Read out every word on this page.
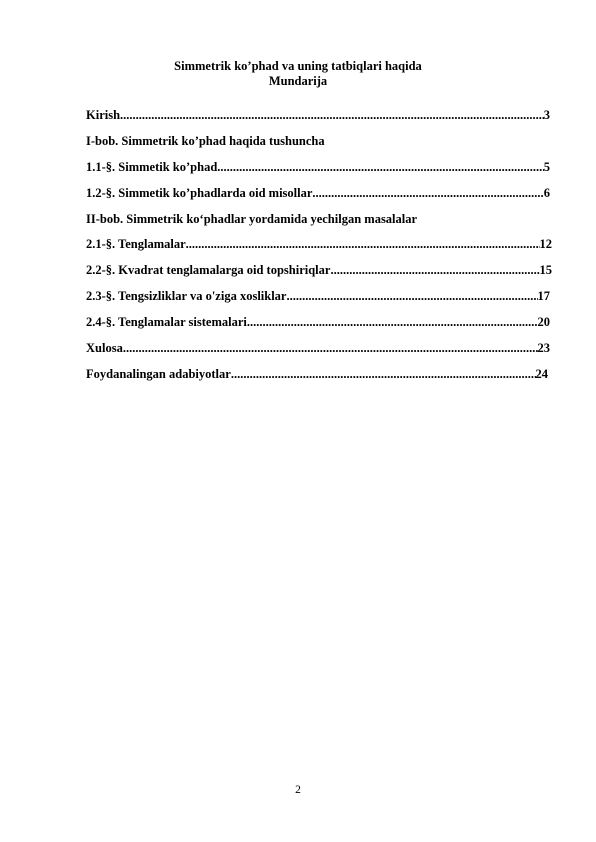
Simmetrik ko’phad va uning tatbiqlari haqida
Mundarija
Kirish .....	3
I-bob. Simmetrik ko’phad haqida tushuncha
1.1-§. Simmetik ko’phad .....	5
1.2-§. Simmetik ko’phadlarda oid misollar .....	6
II-bob. Simmetrik ko‘phadlar yordamida yechilgan masalalar
2.1-§. Tenglamalar .....	12
2.2-§. Kvadrat tenglamalarga oid topshiriqlar .....	15
2.3-§. Tengsizliklar va o'ziga xosliklar .....	17
2.4-§. Tenglamalar sistemalari .....	20
Xulosa .....	23
Foydanalingan adabiyotlar .....	24
2
